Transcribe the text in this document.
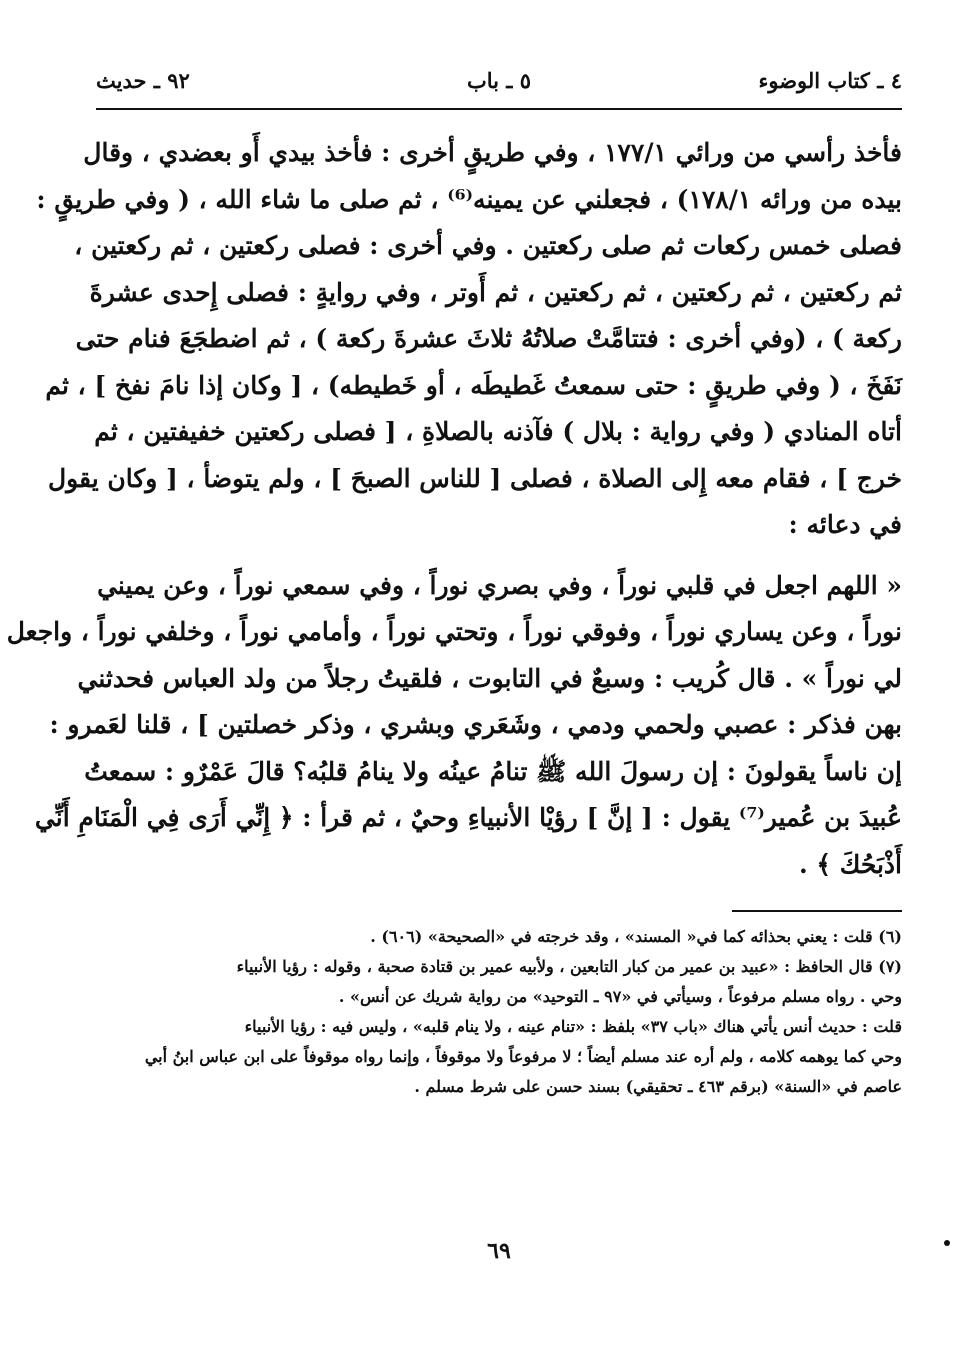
٤ ـ كتاب الوضوء
٥ ـ باب
٩٢ ـ حديث

فأخذ رأسي من ورائي ١٧٧/١ ، وفي طريقٍ أخرى : فأخذ بيدي أَو بعضدي ، وقال
بيده من ورائه ١٧٨/١) ، فجعلني عن يمينه⁽⁶⁾ ، ثم صلى ما شاء الله ، ( وفي طريقٍ :
فصلى خمس ركعات ثم صلى ركعتين . وفي أخرى : فصلى ركعتين ، ثم ركعتين ،
ثم ركعتين ، ثم ركعتين ، ثم ركعتين ، ثم أَوتر ، وفي روايةٍ : فصلى إِحدى عشرةَ
ركعة ) ، (وفي أخرى : فتتامَّتْ صلاتُهُ ثلاثَ عشرةَ ركعة ) ، ثم اضطجَعَ فنام حتى
نَفَخَ ، ( وفي طريقٍ : حتى سمعتُ غَطيطَه ، أو خَطيطه) ، [ وكان إذا نامَ نفخ ] ، ثم
أتاه المنادي ( وفي رواية : بلال ) فآذنه بالصلاةِ ، [ فصلى ركعتين خفيفتين ، ثم
خرج ] ، فقام معه إِلى الصلاة ، فصلى [ للناس الصبحَ ] ، ولم يتوضأ ، [ وكان يقول
في دعائه :

« اللهم اجعل في قلبي نوراً ، وفي بصري نوراً ، وفي سمعي نوراً ، وعن يميني
نوراً ، وعن يساري نوراً ، وفوقي نوراً ، وتحتي نوراً ، وأمامي نوراً ، وخلفي نوراً ، واجعل
لي نوراً » . قال كُريب : وسبعٌ في التابوت ، فلقيتُ رجلاً من ولد العباس فحدثني
بهن فذكر : عصبي ولحمي ودمي ، وشَعَري وبشري ، وذكر خصلتين ] ، قلنا لعَمرو :
إن ناساً يقولونَ : إن رسولَ الله ﷺ تنامُ عينُه ولا ينامُ قلبُه؟ قالَ عَمْرٌو : سمعتُ
عُبيدَ بن عُمير⁽⁷⁾ يقول : [ إنَّ ] رؤيْا الأنبياءِ وحيٌ ، ثم قرأ : ﴿ إِنِّي أَرَى فِي الْمَنَامِ أَنِّي
أَذْبَحُكَ ﴾ .

(٦) قلت : يعني بحذائه كما في« المسند» ، وقد خرجته في «الصحيحة» (٦٠٦) .
(٧) قال الحافظ : «عبيد بن عمير من كبار التابعين ، ولأبيه عمير بن قتادة صحبة ، وقوله : رؤيا الأنبياء
وحي . رواه مسلم مرفوعاً ، وسيأتي في «٩٧ ـ التوحيد» من رواية شريك عن أنس» .
قلت : حديث أنس يأتي هناك «باب ٣٧» بلفظ : «تنام عينه ، ولا ينام قلبه» ، وليس فيه : رؤيا الأنبياء
وحي كما يوهمه كلامه ، ولم أره عند مسلم أيضاً ؛ لا مرفوعاً ولا موقوفاً ، وإنما رواه موقوفاً على ابن عباس ابنُ أبي
عاصم في «السنة» (برقم ٤٦٣ ـ تحقيقي) بسند حسن على شرط مسلم .
٦٩
